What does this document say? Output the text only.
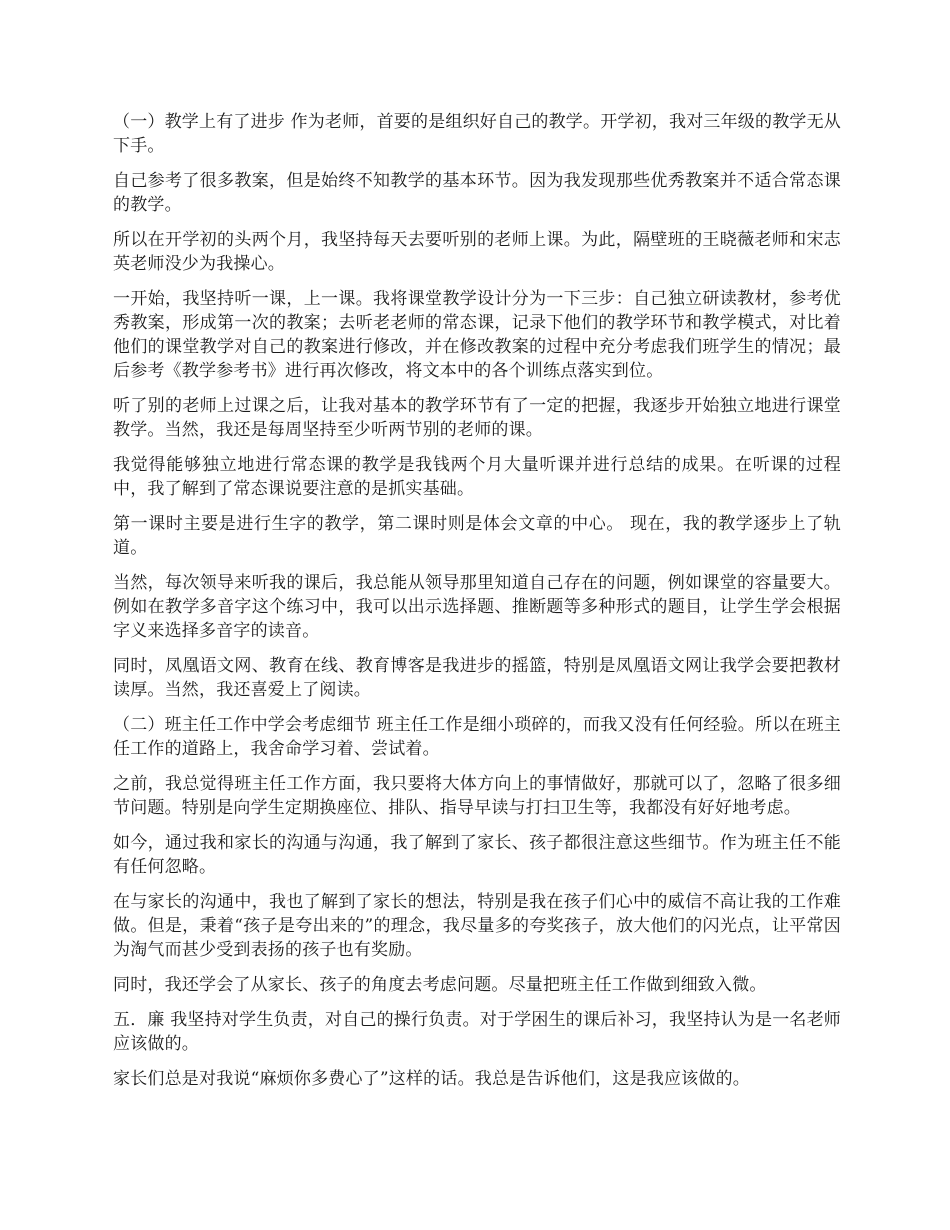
（一）教学上有了进步 作为老师，首要的是组织好自己的教学。开学初，我对三年级的教学无从下手。

自己参考了很多教案，但是始终不知教学的基本环节。因为我发现那些优秀教案并不适合常态课的教学。

所以在开学初的头两个月，我坚持每天去要听别的老师上课。为此，隔壁班的王晓薇老师和宋志英老师没少为我操心。

一开始，我坚持听一课，上一课。我将课堂教学设计分为一下三步：自己独立研读教材，参考优秀教案，形成第一次的教案；去听老老师的常态课，记录下他们的教学环节和教学模式，对比着他们的课堂教学对自己的教案进行修改，并在修改教案的过程中充分考虑我们班学生的情况；最后参考《教学参考书》进行再次修改，将文本中的各个训练点落实到位。

听了别的老师上过课之后，让我对基本的教学环节有了一定的把握，我逐步开始独立地进行课堂教学。当然，我还是每周坚持至少听两节别的老师的课。

我觉得能够独立地进行常态课的教学是我钱两个月大量听课并进行总结的成果。在听课的过程中，我了解到了常态课说要注意的是抓实基础。

第一课时主要是进行生字的教学，第二课时则是体会文章的中心。 现在，我的教学逐步上了轨道。

当然，每次领导来听我的课后，我总能从领导那里知道自己存在的问题，例如课堂的容量要大。例如在教学多音字这个练习中，我可以出示选择题、推断题等多种形式的题目，让学生学会根据字义来选择多音字的读音。

同时，凤凰语文网、教育在线、教育博客是我进步的摇篮，特别是凤凰语文网让我学会要把教材读厚。当然，我还喜爱上了阅读。

（二）班主任工作中学会考虑细节 班主任工作是细小琐碎的，而我又没有任何经验。所以在班主任工作的道路上，我舍命学习着、尝试着。

之前，我总觉得班主任工作方面，我只要将大体方向上的事情做好，那就可以了，忽略了很多细节问题。特别是向学生定期换座位、排队、指导早读与打扫卫生等，我都没有好好地考虑。

如今，通过我和家长的沟通与沟通，我了解到了家长、孩子都很注意这些细节。作为班主任不能有任何忽略。

在与家长的沟通中，我也了解到了家长的想法，特别是我在孩子们心中的威信不高让我的工作难做。但是，秉着“孩子是夸出来的”的理念，我尽量多的夸奖孩子，放大他们的闪光点，让平常因为淘气而甚少受到表扬的孩子也有奖励。

同时，我还学会了从家长、孩子的角度去考虑问题。尽量把班主任工作做到细致入微。

五．廉 我坚持对学生负责，对自己的操行负责。对于学困生的课后补习，我坚持认为是一名老师应该做的。

家长们总是对我说“麻烦你多费心了”这样的话。我总是告诉他们，这是我应该做的。
